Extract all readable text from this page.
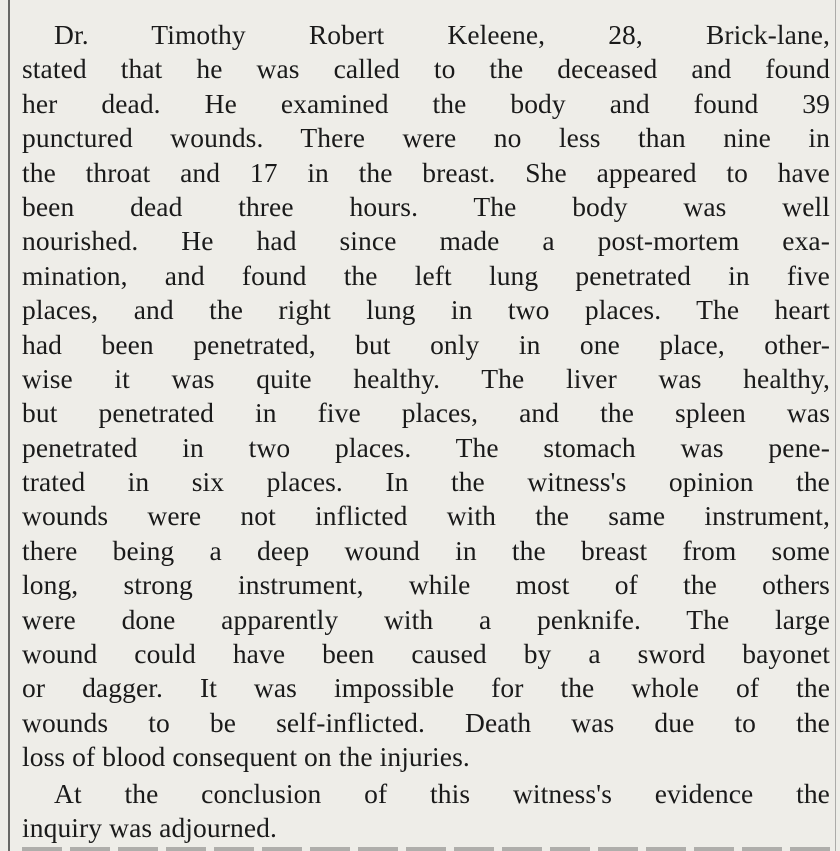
Dr. Timothy Robert Keleene, 28, Brick-lane,
stated that he was called to the deceased and found
her dead. He examined the body and found 39
punctured wounds. There were no less than nine in
the throat and 17 in the breast. She appeared to have
been dead three hours. The body was well
nourished. He had since made a post-mortem exa-
mination, and found the left lung penetrated in five
places, and the right lung in two places. The heart
had been penetrated, but only in one place, other-
wise it was quite healthy. The liver was healthy,
but penetrated in five places, and the spleen was
penetrated in two places. The stomach was pene-
trated in six places. In the witness's opinion the
wounds were not inflicted with the same instrument,
there being a deep wound in the breast from some
long, strong instrument, while most of the others
were done apparently with a penknife. The large
wound could have been caused by a sword bayonet
or dagger. It was impossible for the whole of the
wounds to be self-inflicted. Death was due to the
loss of blood consequent on the injuries.
At the conclusion of this witness's evidence the
inquiry was adjourned.
